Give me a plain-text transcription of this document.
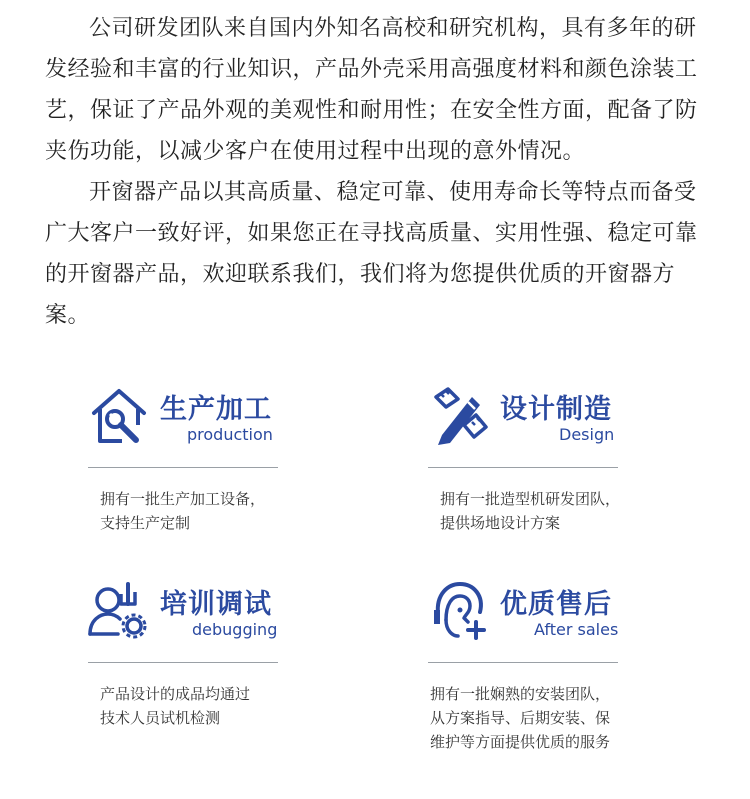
公司研发团队来自国内外知名高校和研究机构，具有多年的研发经验和丰富的行业知识，产品外壳采用高强度材料和颜色涂装工艺，保证了产品外观的美观性和耐用性；在安全性方面，配备了防夹伤功能，以减少客户在使用过程中出现的意外情况。

开窗器产品以其高质量、稳定可靠、使用寿命长等特点而备受广大客户一致好评，如果您正在寻找高质量、实用性强、稳定可靠的开窗器产品，欢迎联系我们，我们将为您提供优质的开窗器方案。

生产加工
production
拥有一批生产加工设备，
支持生产定制
设计制造
Design
拥有一批造型机研发团队，
提供场地设计方案
培训调试
debugging
产品设计的成品均通过
技术人员试机检测
优质售后
After sales
拥有一批娴熟的安装团队，
从方案指导、后期安装、保
维护等方面提供优质的服务
